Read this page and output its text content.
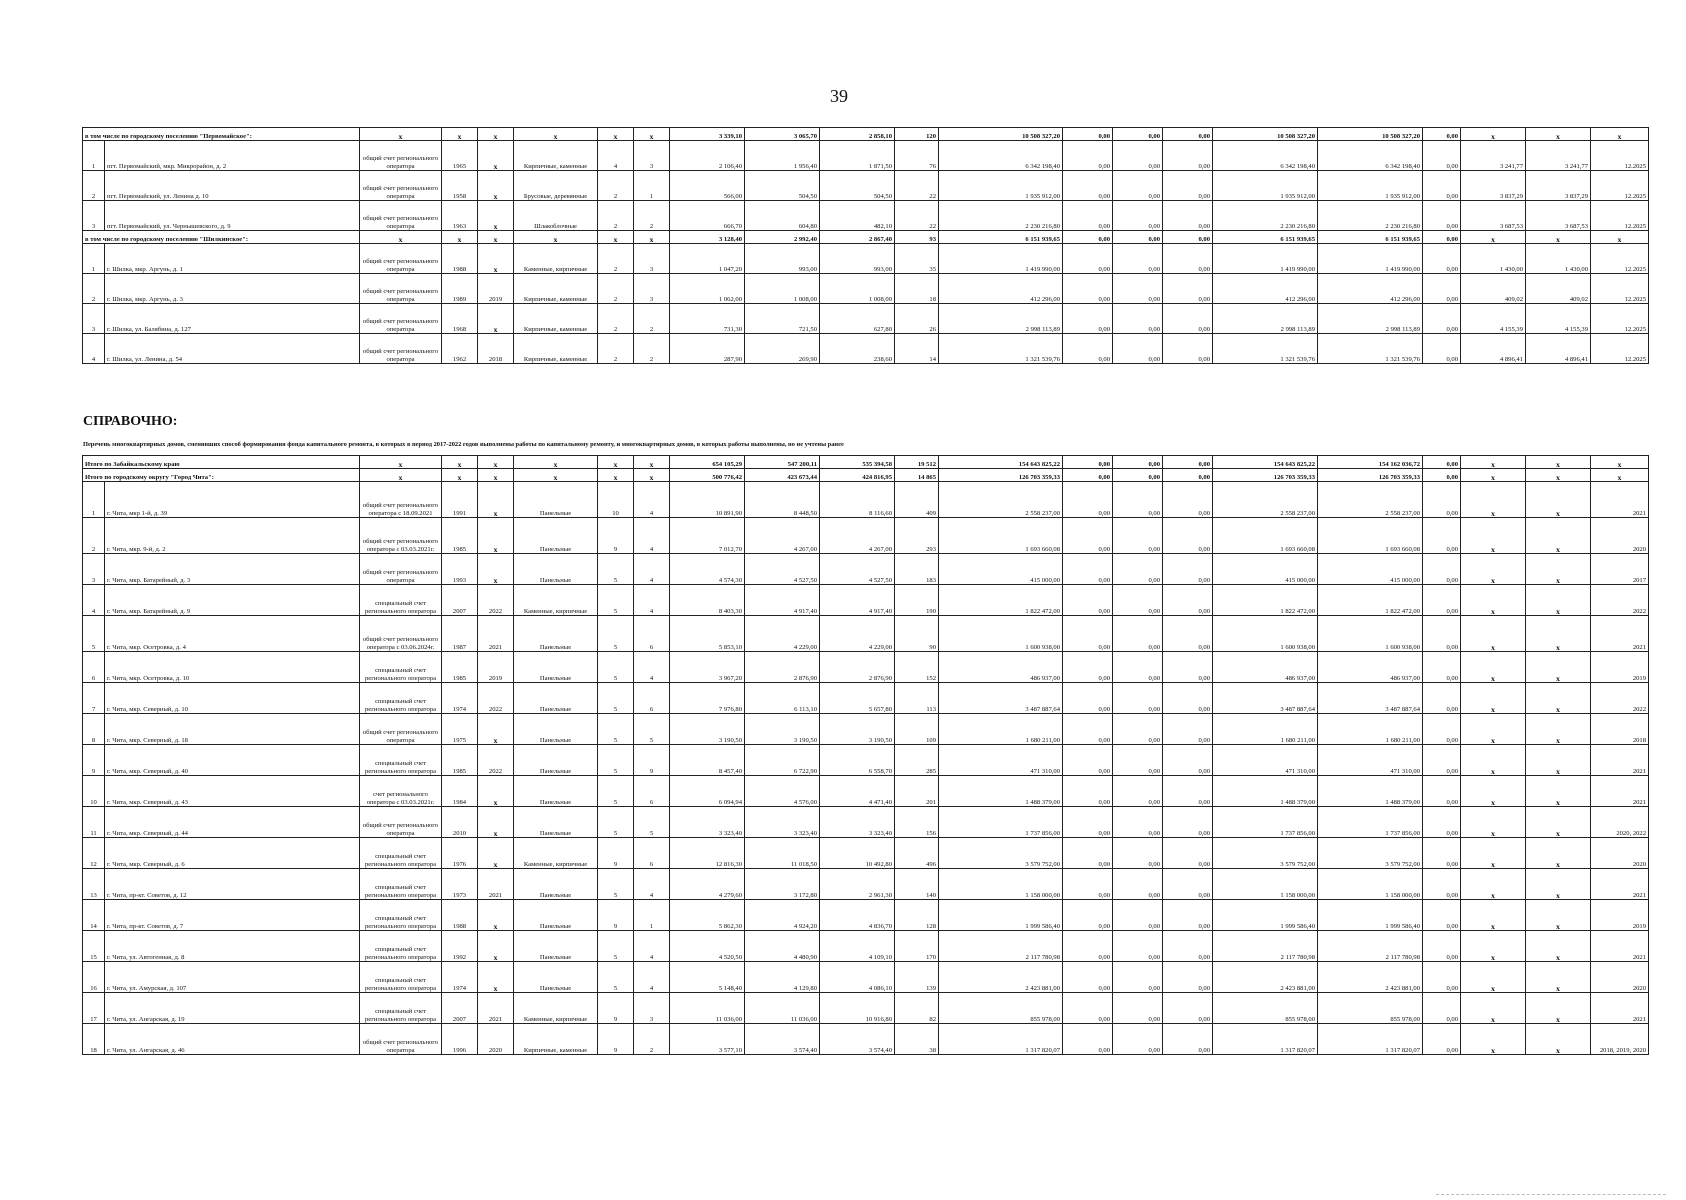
39
в том числе по городскому поселению "Первомайское":		x	x	x	x	x	x	3 339,10	3 065,70	2 858,10	120	10 508 327,20	0,00	0,00	0,00	10 508 327,20	10 508 327,20	0,00	x	x	x
1	пгт. Первомайский, мкр. Микрорайон, д. 2	общий счет регионального оператора	1965	x	Кирпичные, каменные	4	3	2 106,40	1 956,40	1 871,50	76	6 342 198,40	0,00	0,00	0,00	6 342 198,40	6 342 198,40	0,00	3 241,77	3 241,77	12.2025
2	пгт. Первомайский, ул. Ленина д. 10	общий счет регионального оператора	1958	x	Брусовые, деревянные	2	1	566,00	504,50	504,50	22	1 935 912,00	0,00	0,00	0,00	1 935 912,00	1 935 912,00	0,00	3 837,29	3 837,29	12.2025
3	пгт. Первомайский, ул. Чернышевского, д. 9	общий счет регионального оператора	1963	x	Шлакоблочные	2	2	666,70	604,80	482,10	22	2 230 216,80	0,00	0,00	0,00	2 230 216,80	2 230 216,80	0,00	3 687,53	3 687,53	12.2025
в том числе по городскому поселению "Шилкинское":		x	x	x	x	x	x	3 128,40	2 992,40	2 867,40	93	6 151 939,65	0,00	0,00	0,00	6 151 939,65	6 151 939,65	0,00	x	x	x
1	г. Шилка, мкр. Аргунь, д. 1	общий счет регионального оператора	1988	x	Каменные, кирпичные	2	3	1 047,20	993,00	993,00	35	1 419 990,00	0,00	0,00	0,00	1 419 990,00	1 419 990,00	0,00	1 430,00	1 430,00	12.2025
2	г. Шилка, мкр. Аргунь, д. 3	общий счет регионального оператора	1989	2019	Кирпичные, каменные	2	3	1 062,00	1 008,00	1 008,00	18	412 296,00	0,00	0,00	0,00	412 296,00	412 296,00	0,00	409,02	409,02	12.2025
3	г. Шилка, ул. Балябина, д. 127	общий счет регионального оператора	1968	x	Кирпичные, каменные	2	2	731,30	721,50	627,80	26	2 998 113,89	0,00	0,00	0,00	2 998 113,89	2 998 113,89	0,00	4 155,39	4 155,39	12.2025
4	г. Шилка, ул. Ленина, д. 54	общий счет регионального оператора	1962	2018	Кирпичные, каменные	2	2	287,90	269,90	238,60	14	1 321 539,76	0,00	0,00	0,00	1 321 539,76	1 321 539,76	0,00	4 896,41	4 896,41	12.2025
СПРАВОЧНО:
Перечень многоквартирных домов, сменивших способ формирования фонда капитального ремонта, в которых в период 2017-2022 годов выполнены работы по капитальному ремонту, и многоквартирных домов, в которых работы выполнены, но не учтены ранее
Итого по Забайкальскому краю		x	x	x	x	x	x	654 105,29	547 200,11	535 394,58	19 512	154 643 825,22	0,00	0,00	0,00	154 643 825,22	154 162 036,72	0,00	x	x	x
Итого по городскому округу "Город Чита":		x	x	x	x	x	x	500 776,42	423 673,44	424 816,95	14 865	126 703 359,33	0,00	0,00	0,00	126 703 359,33	126 703 359,33	0,00	x	x	x
1	г. Чита, мкр 1-й, д. 39	общий счет регионального оператора с 18.09.2021	1991	x	Панельные	10	4	10 891,90	8 448,50	8 116,60	409	2 558 237,00	0,00	0,00	0,00	2 558 237,00	2 558 237,00	0,00	x	x	2021
2	г. Чита, мкр. 9-й, д. 2	общий счет регионального оператора с 03.03.2021г.	1985	x	Панельные	9	4	7 012,70	4 267,00	4 267,00	293	1 693 660,08	0,00	0,00	0,00	1 693 660,08	1 693 660,08	0,00	x	x	2020
3	г. Чита, мкр. Батарейный, д. 3	общий счет регионального оператора	1993	x	Панельные	5	4	4 574,30	4 527,50	4 527,50	183	415 000,00	0,00	0,00	0,00	415 000,00	415 000,00	0,00	x	x	2017
4	г. Чита, мкр. Батарейный, д. 9	специальный счет регионального оператора	2007	2022	Каменные, кирпичные	5	4	8 403,30	4 917,40	4 917,40	190	1 822 472,00	0,00	0,00	0,00	1 822 472,00	1 822 472,00	0,00	x	x	2022
5	г. Чита, мкр. Осетровка, д. 4	общий счет регионального оператора с 03.06.2024г.	1987	2021	Панельные	5	6	5 853,10	4 229,00	4 229,00	90	1 600 938,00	0,00	0,00	0,00	1 600 938,00	1 600 938,00	0,00	x	x	2021
6	г. Чита, мкр. Осетровка, д. 10	специальный счет регионального оператора	1985	2019	Панельные	5	4	3 967,20	2 876,90	2 876,90	152	486 937,00	0,00	0,00	0,00	486 937,00	486 937,00	0,00	x	x	2019
7	г. Чита, мкр. Северный, д. 10	специальный счет регионального оператора	1974	2022	Панельные	5	6	7 976,80	6 113,10	5 657,80	113	3 487 887,64	0,00	0,00	0,00	3 487 887,64	3 487 887,64	0,00	x	x	2022
8	г. Чита, мкр. Северный, д. 18	общий счет регионального оператора	1975	x	Панельные	5	5	3 190,50	3 190,50	3 190,50	109	1 680 211,00	0,00	0,00	0,00	1 680 211,00	1 680 211,00	0,00	x	x	2018
9	г. Чита, мкр. Северный, д. 40	специальный счет регионального оператора	1985	2022	Панельные	5	9	8 457,40	6 722,90	6 558,70	285	471 310,00	0,00	0,00	0,00	471 310,00	471 310,00	0,00	x	x	2021
10	г. Чита, мкр. Северный, д. 43	счет регионального оператора с 03.03.2021г.	1984	x	Панельные	5	6	6 094,94	4 576,00	4 471,40	201	1 488 379,00	0,00	0,00	0,00	1 488 379,00	1 488 379,00	0,00	x	x	2021
11	г. Чита, мкр. Северный, д. 44	общий счет регионального оператора	2010	x	Панельные	5	5	3 323,40	3 323,40	3 323,40	156	1 737 856,00	0,00	0,00	0,00	1 737 856,00	1 737 856,00	0,00	x	x	2020, 2022
12	г. Чита, мкр. Северный, д. 6	специальный счет регионального оператора	1976	x	Каменные, кирпичные	9	6	12 816,30	11 018,50	10 492,80	496	3 579 752,00	0,00	0,00	0,00	3 579 752,00	3 579 752,00	0,00	x	x	2020
13	г. Чита, пр-кт. Советов, д. 12	специальный счет регионального оператора	1973	2021	Панельные	5	4	4 279,60	3 172,80	2 961,30	140	1 158 000,00	0,00	0,00	0,00	1 158 000,00	1 158 000,00	0,00	x	x	2021
14	г. Чита, пр-кт. Советов, д. 7	специальный счет регионального оператора	1988	x	Панельные	9	1	5 862,30	4 924,20	4 836,70	128	1 999 586,40	0,00	0,00	0,00	1 999 586,40	1 999 586,40	0,00	x	x	2019
15	г. Чита, ул. Автогенная, д. 8	специальный счет регионального оператора	1992	x	Панельные	5	4	4 520,50	4 480,90	4 109,10	170	2 117 780,98	0,00	0,00	0,00	2 117 780,98	2 117 780,98	0,00	x	x	2021
16	г. Чита, ул. Амурская, д. 107	специальный счет регионального оператора	1974	x	Панельные	5	4	5 148,40	4 129,80	4 086,10	139	2 423 881,00	0,00	0,00	0,00	2 423 881,00	2 423 881,00	0,00	x	x	2020
17	г. Чита, ул. Ангарская, д. 19	специальный счет регионального оператора	2007	2021	Каменные, кирпичные	9	3	11 036,00	11 036,00	10 916,80	82	855 978,00	0,00	0,00	0,00	855 978,00	855 978,00	0,00	x	x	2021
18	г. Чита, ул. Ангарская, д. 46	общий счет регионального оператора	1996	2020	Кирпичные, каменные	9	2	3 577,10	3 574,40	3 574,40	38	1 317 820,07	0,00	0,00	0,00	1 317 820,07	1 317 820,07	0,00	x	x	2018, 2019, 2020
